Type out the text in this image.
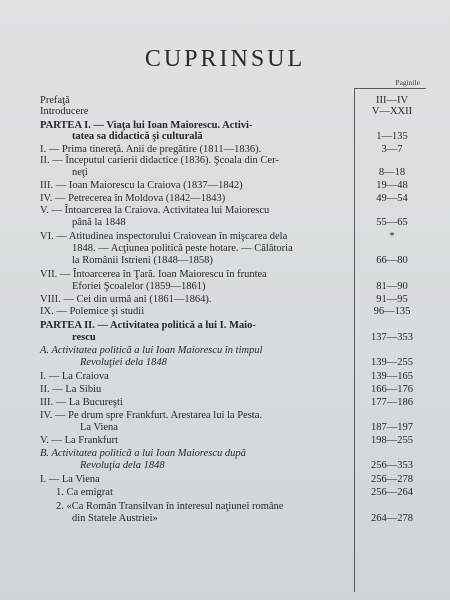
CUPRINSUL
Paginile
Prefaţă	III—IV
Introducere	V—XXII
PARTEA I. — Viaţa lui Ioan Maiorescu. Activi-
tatea sa didactică şi culturală	1—135
I. — Prima tinereţă. Anii de pregătire (1811—1836).	3—7
II. — Începutul carierii didactice (1836). Şcoala din Cer-
neţi	8—18
III. — Ioan Maiorescu la Craiova (1837—1842)	19—48
IV. — Petrecerea în Moldova (1842—1843)	49—54
V. — Întoarcerea la Craiova. Activitatea lui Maiorescu
până la 1848	55—65
VI. — Atitudinea inspectorului Craiovean în mişcarea dela	*
1848. — Acţiunea politică peste hotare. — Călătoria
la Românii Istrieni (1848—1858)	66—80
VII. — Întoarcerea în Ţară. Ioan Maiorescu în fruntea
Eforiei Şcoalelor (1859—1861)	81—90
VIII. — Cei din urmă ani (1861—1864).	91—95
IX. — Polemice şi studii	96—135
PARTEA II. — Activitatea politică a lui I. Maio-
rescu	137—353
A. Activitatea politică a lui Ioan Maiorescu în timpul
Revoluţiei dela 1848	139—255
I. — La Craiova	139—165
II. — La Sibiu	166—176
III. — La Bucureşti	177—186
IV. — Pe drum spre Frankfurt. Arestarea lui la Pesta.
La Viena	187—197
V. — La Frankfurt	198—255
B. Activitatea politică a lui Ioan Maiorescu după
Revoluţia dela 1848	256—353
I. — La Viena	256—278
1. Ca emigrat	256—264
2. «Ca Român Transilvan în interesul naţiunei române
din Statele Austriei»	264—278
